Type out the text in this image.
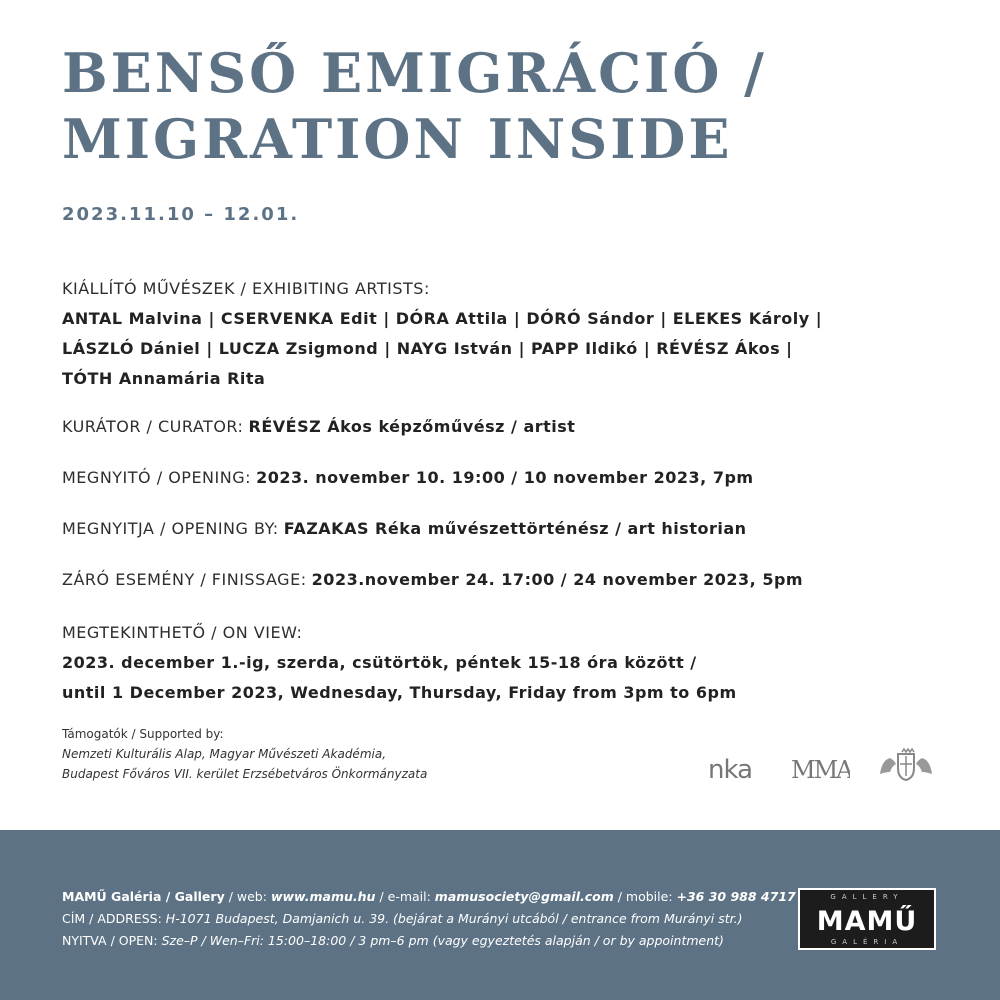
BENSŐ EMIGRÁCIÓ /
MIGRATION INSIDE
2023.11.10 – 12.01.
KIÁLLÍTÓ MŰVÉSZEK / EXHIBITING ARTISTS:
ANTAL Malvina | CSERVENKA Edit | DÓRA Attila | DÓRÓ Sándor | ELEKES Károly |
LÁSZLÓ Dániel | LUCZA Zsigmond | NAYG István | PAPP Ildikó | RÉVÉSZ Ákos |
TÓTH Annamária Rita
KURÁTOR / CURATOR: RÉVÉSZ Ákos képzőművész / artist
MEGNYITÓ / OPENING: 2023. november 10. 19:00 / 10 november 2023, 7pm
MEGNYITJA / OPENING BY: FAZAKAS Réka művészettörténész / art historian
ZÁRÓ ESEMÉNY / FINISSAGE: 2023.november 24. 17:00 / 24 november 2023, 5pm
MEGTEKINTHETŐ / ON VIEW:
2023. december 1.-ig, szerda, csütörtök, péntek 15-18 óra között /
until 1 December 2023, Wednesday, Thursday, Friday from 3pm to 6pm
Támogatók / Supported by:
Nemzeti Kulturális Alap, Magyar Művészeti Akadémia,
Budapest Főváros VII. kerület Erzsébetváros Önkormányzata	nka MMA
MAMŰ Galéria / Gallery / web: www.mamu.hu / e-mail: mamusociety@gmail.com / mobile: +36 30 988 4717
CÍM / ADDRESS: H-1071 Budapest, Damjanich u. 39. (bejárat a Murányi utcából / entrance from Murányi str.)
NYITVA / OPEN: Sze–P / Wen–Fri: 15:00–18:00 / 3 pm–6 pm (vagy egyeztetés alapján / or by appointment)
GALLERY
MAMŰ
GALÉRIA
